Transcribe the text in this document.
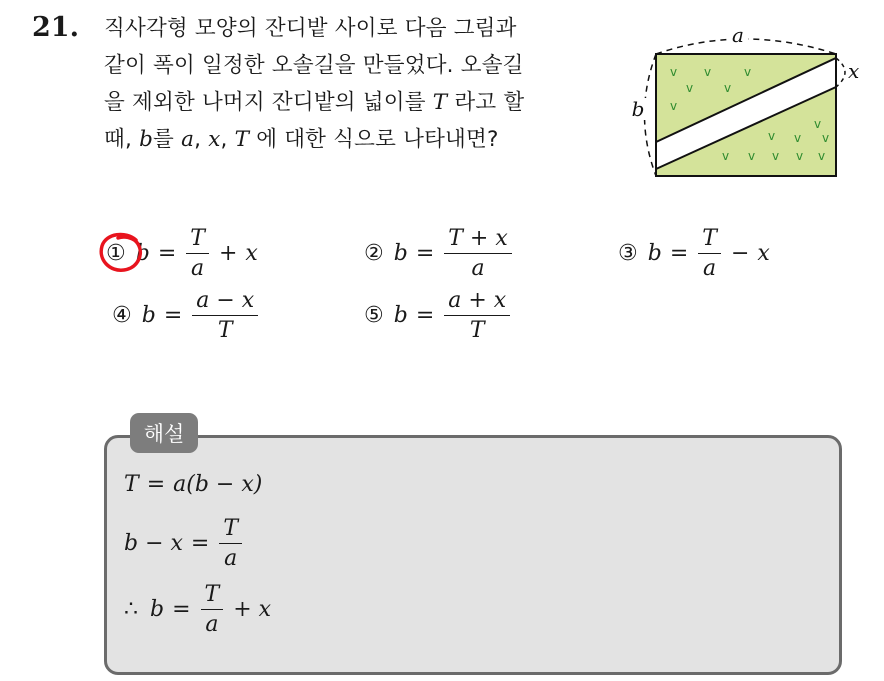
21. 직사각형 모양의 잔디밭 사이로 다음 그림과
같이 폭이 일정한 오솔길을 만들었다. 오솔길
을 제외한 나머지 잔디밭의 넓이를 T 라고 할
때, b를 a, x, T 에 대한 식으로 나타내면?
a
b
x
v v	v
v	v
v
v
v v v
v v v v v
① $b = \frac{T}{a} + x$	② $b = \frac{T + x}{a}$	③ $b = \frac{T}{a} - x$
④ $b = \frac{a - x}{T}$	⑤ $b = \frac{a + x}{T}$
해설
T = a(b − x)
$b - x = \frac{T}{a}$
∴ $b = \frac{T}{a} + x$
